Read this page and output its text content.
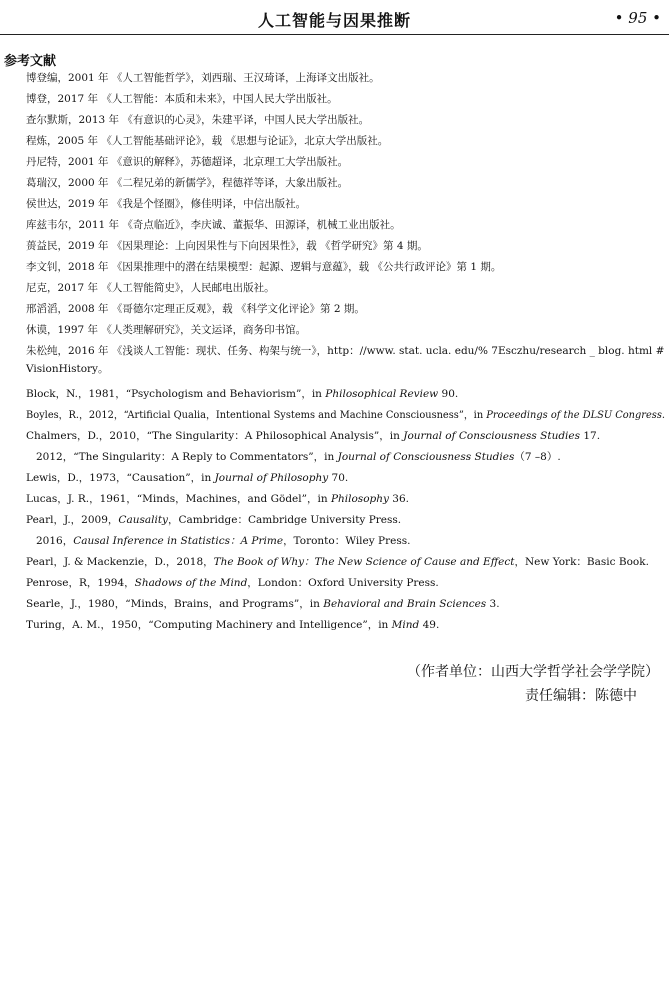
人工智能与因果推断	• 95 •
参考文献
博登编，2001 年 《人工智能哲学》，刘西瑞、王汉琦译，上海译文出版社。
博登，2017 年 《人工智能：本质和未来》，中国人民大学出版社。
查尔默斯，2013 年 《有意识的心灵》，朱建平译，中国人民大学出版社。
程炼，2005 年 《人工智能基础评论》，载 《思想与论证》，北京大学出版社。
丹尼特，2001 年 《意识的解释》，苏德超译，北京理工大学出版社。
葛瑞汉，2000 年 《二程兄弟的新儒学》，程德祥等译，大象出版社。
侯世达，2019 年 《我是个怪圈》，修佳明译，中信出版社。
库兹韦尔，2011 年 《奇点临近》，李庆诚、董振华、田源译，机械工业出版社。
蒉益民，2019 年 《因果理论：上向因果性与下向因果性》，载 《哲学研究》第 4 期。
李文钊，2018 年 《因果推理中的潜在结果模型：起源、逻辑与意蕴》，载 《公共行政评论》第 1 期。
尼克，2017 年 《人工智能简史》，人民邮电出版社。
邢滔滔，2008 年 《哥德尔定理正反观》，载 《科学文化评论》第 2 期。
休谟，1997 年 《人类理解研究》，关文运译，商务印书馆。
朱松纯，2016 年 《浅谈人工智能：现状、任务、构架与统一》，http：//www. stat. ucla. edu/% 7Esczhu/research _ blog. html #
VisionHistory。
Block，N.，1981，“Psychologism and Behaviorism”，in Philosophical Review 90.
Boyles，R.，2012，“Artificial Qualia，Intentional Systems and Machine Consciousness”，in Proceedings of the DLSU Congress.
Chalmers，D.，2010，“The Singularity：A Philosophical Analysis”，in Journal of Consciousness Studies 17.
2012，“The Singularity：A Reply to Commentators”，in Journal of Consciousness Studies（7 –8）.
Lewis，D.，1973，“Causation”，in Journal of Philosophy 70.
Lucas，J. R.，1961，“Minds，Machines，and Gödel”，in Philosophy 36.
Pearl，J.，2009，Causality，Cambridge：Cambridge University Press.
2016，Causal Inference in Statistics：A Prime，Toronto：Wiley Press.
Pearl，J. & Mackenzie，D.，2018，The Book of Why：The New Science of Cause and Effect，New York：Basic Book.
Penrose，R，1994，Shadows of the Mind，London：Oxford University Press.
Searle，J.，1980，“Minds，Brains，and Programs”，in Behavioral and Brain Sciences 3.
Turing，A. M.，1950，“Computing Machinery and Intelligence”，in Mind 49.
（作者单位：山西大学哲学社会学学院）
责任编辑：陈德中
